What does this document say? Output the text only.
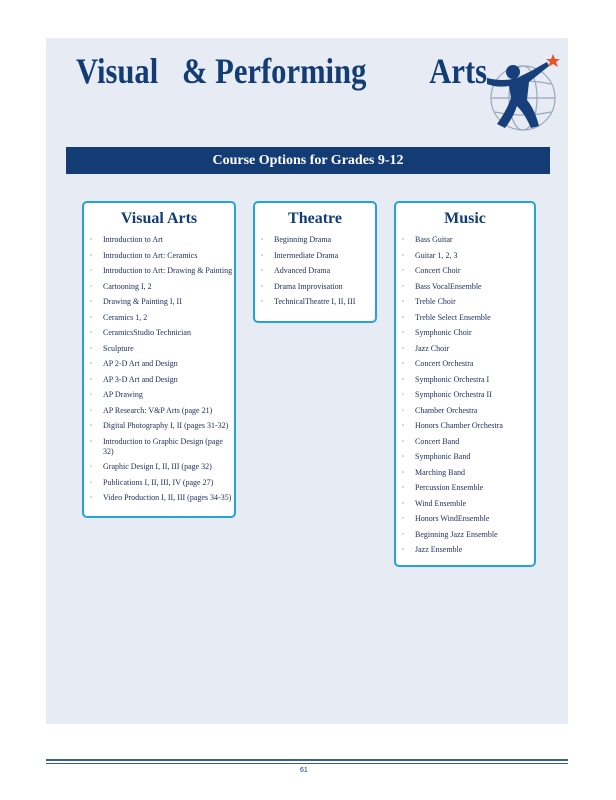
Visual & Performing Arts
Course Options for Grades 9-12
Visual Arts
▫ Introduction to Art
▫ Introduction to Art: Ceramics
▫ Introduction to Art: Drawing & Painting
▫ Cartooning I, 2
▫ Drawing & Painting I, II
▫ Ceramics 1, 2
▫ CeramicsStudio Technician
▫ Sculpture
▫ AP 2-D Art and Design
▫ AP 3-D Art and Design
▫ AP Drawing
▫ AP Research: V&P Arts (page 21)
▫ Digital Photography I, II (pages 31-32)
▫ Introduction to Graphic Design (page 32)
▫ Graphic Design I, II, III (page 32)
▫ Publications I, II, III, IV (page 27)
▫ Video Production I, II, III (pages 34-35)
Theatre
▫ Beginning Drama
▫ Intermediate Drama
▫ Advanced Drama
▫ Drama Improvisation
▫ TechnicalTheatre I, II, III
Music
▫ Bass Guitar
▫ Guitar 1, 2, 3
▫ Concert Choir
▫ Bass VocalEnsemble
▫ Treble Choir
▫ Treble Select Ensemble
▫ Symphonic Choir
▫ Jazz Choir
▫ Concert Orchestra
▫ Symphonic Orchestra I
▫ Symphonic Orchestra II
▫ Chamber Orchestra
▫ Honors Chamber Orchestra
▫ Concert Band
▫ Symphonic Band
▫ Marching Band
▫ Percussion Ensemble
▫ Wind Ensemble
▫ Honors WindEnsemble
▫ Beginning Jazz Ensemble
▫ Jazz Ensemble
61
